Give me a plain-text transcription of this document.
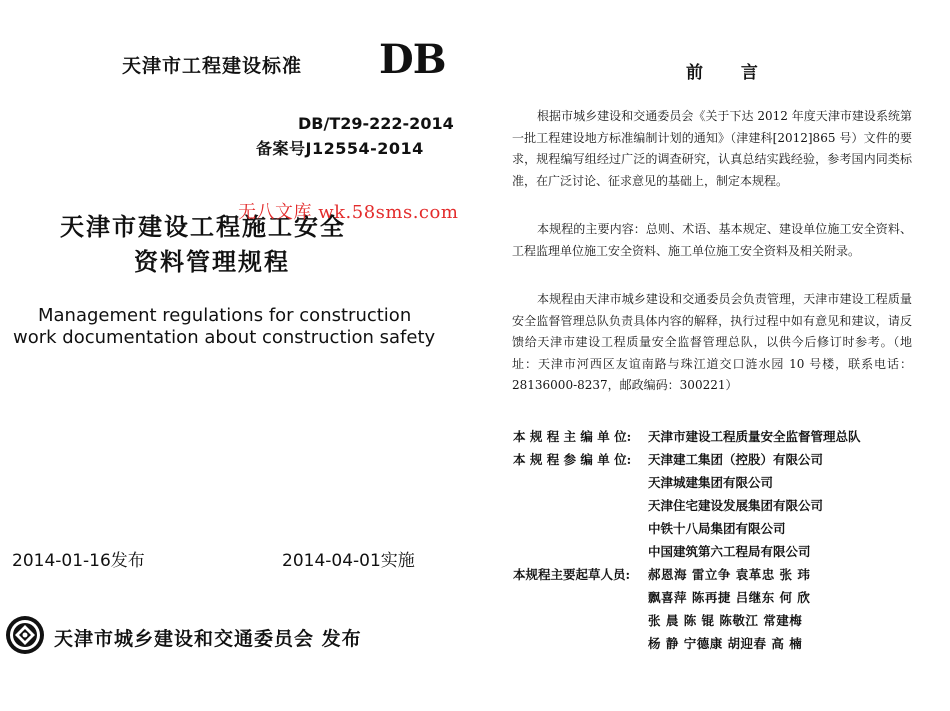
天津市工程建设标准 DB
DB/T29-222-2014
备案号J12554-2014
天津市建设工程施工安全
资料管理规程
无八文库 wk.58sms.com
Management regulations for construction
work documentation about construction safety
2014-01-16发布	2014-04-01实施
天津市城乡建设和交通委员会 发布
前 言
根据市城乡建设和交通委员会《关于下达 2012 年度天津市建设系统第一批工程建设地方标准编制计划的通知》（津建科[2012]865 号）文件的要求，规程编写组经过广泛的调查研究，认真总结实践经验，参考国内同类标准，在广泛讨论、征求意见的基础上，制定本规程。
本规程的主要内容：总则、术语、基本规定、建设单位施工安全资料、工程监理单位施工安全资料、施工单位施工安全资料及相关附录。
本规程由天津市城乡建设和交通委员会负责管理，天津市建设工程质量安全监督管理总队负责具体内容的解释，执行过程中如有意见和建议，请反馈给天津市建设工程质量安全监督管理总队，以供今后修订时参考。（地址：天津市河西区友谊南路与珠江道交口涟水园 10 号楼，联系电话：28136000-8237，邮政编码：300221）
本 规 程 主 编 单 位: 天津市建设工程质量安全监督管理总队
本 规 程 参 编 单 位: 天津建工集团（控股）有限公司
天津城建集团有限公司
天津住宅建设发展集团有限公司
中铁十八局集团有限公司
中国建筑第六工程局有限公司
本规程主要起草人员: 郝恩海 雷立争 袁革忠 张 玮
飘喜萍 陈再捷 吕继东 何 欣
张 晨 陈 锟 陈敬江 常建梅
杨 静 宁德康 胡迎春 高 楠
